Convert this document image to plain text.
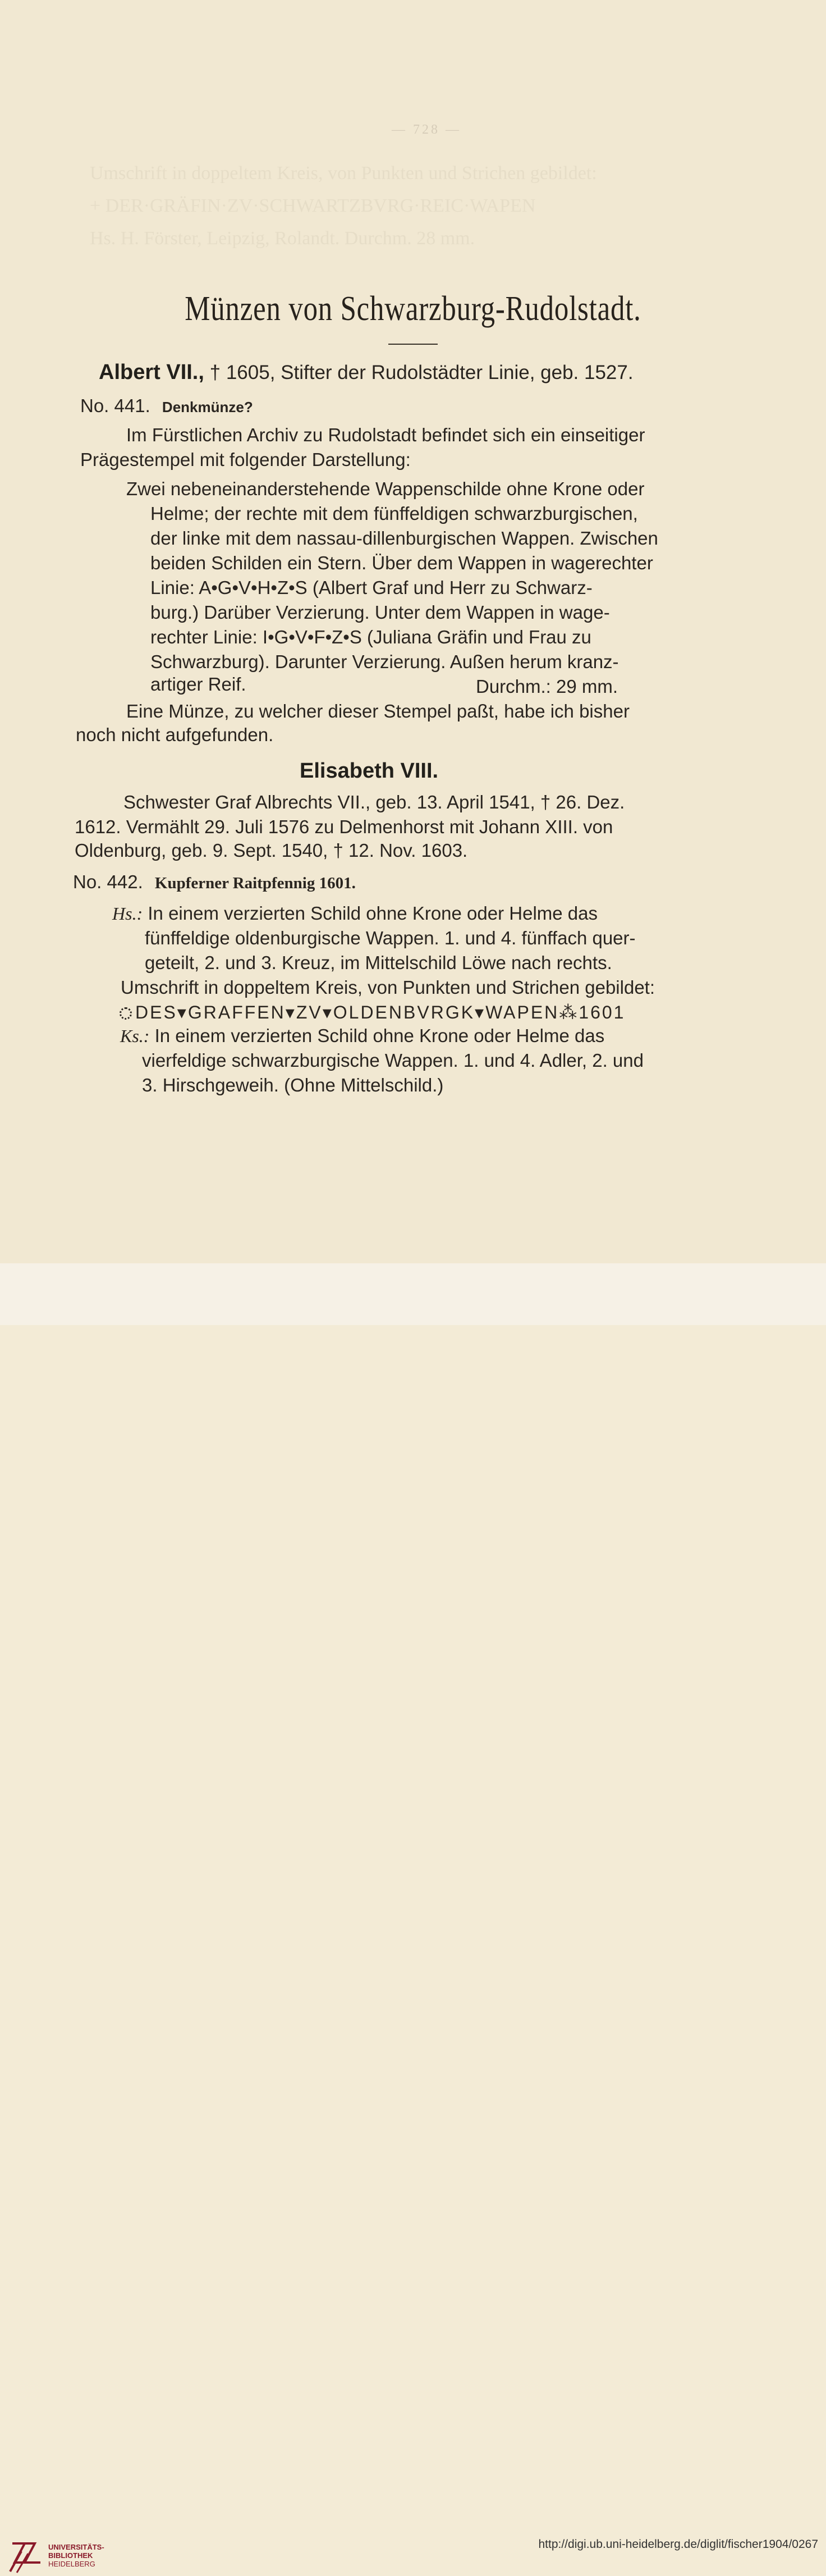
— 728 —
Umschrift in doppeltem Kreis, von Punkten und Strichen gebildet:
+ DER·GRÄFIN·ZV·SCHWARTZBVRG·REIC·WAPEN
Hs. H. Förster, Leipzig, Rolandt. Durchm. 28 mm.
Münzen von Schwarzburg-Rudolstadt.
Albert VII., † 1605, Stifter der Rudolstädter Linie, geb. 1527.
No. 441. Denkmünze?
Im Fürstlichen Archiv zu Rudolstadt befindet sich ein einseitiger
Prägestempel mit folgender Darstellung:
Zwei nebeneinanderstehende Wappenschilde ohne Krone oder
Helme; der rechte mit dem fünffeldigen schwarzburgischen,
der linke mit dem nassau-dillenburgischen Wappen. Zwischen
beiden Schilden ein Stern. Über dem Wappen in wagerechter
Linie: A•G•V•H•Z•S (Albert Graf und Herr zu Schwarz-
burg.) Darüber Verzierung. Unter dem Wappen in wage-
rechter Linie: I•G•V•F•Z•S (Juliana Gräfin und Frau zu
Schwarzburg). Darunter Verzierung. Außen herum kranz-
artiger Reif.	Durchm.: 29 mm.
Eine Münze, zu welcher dieser Stempel paßt, habe ich bisher
noch nicht aufgefunden.
Elisabeth VIII.
Schwester Graf Albrechts VII., geb. 13. April 1541, † 26. Dez.
1612. Vermählt 29. Juli 1576 zu Delmenhorst mit Johann XIII. von
Oldenburg, geb. 9. Sept. 1540, † 12. Nov. 1603.
No. 442. Kupferner Raitpfennig 1601.
Hs.: In einem verzierten Schild ohne Krone oder Helme das
fünffeldige oldenburgische Wappen. 1. und 4. fünffach quer-
geteilt, 2. und 3. Kreuz, im Mittelschild Löwe nach rechts.
Umschrift in doppeltem Kreis, von Punkten und Strichen gebildet:
DES▾GRAFFEN▾ZV▾OLDENBVRGK▾WAPEN⁂1601
Ks.: In einem verzierten Schild ohne Krone oder Helme das
vierfeldige schwarzburgische Wappen. 1. und 4. Adler, 2. und
3. Hirschgeweih. (Ohne Mittelschild.)
UNIVERSITÄTS-
BIBLIOTHEK
HEIDELBERG
http://digi.ub.uni-heidelberg.de/diglit/fischer1904/0267
